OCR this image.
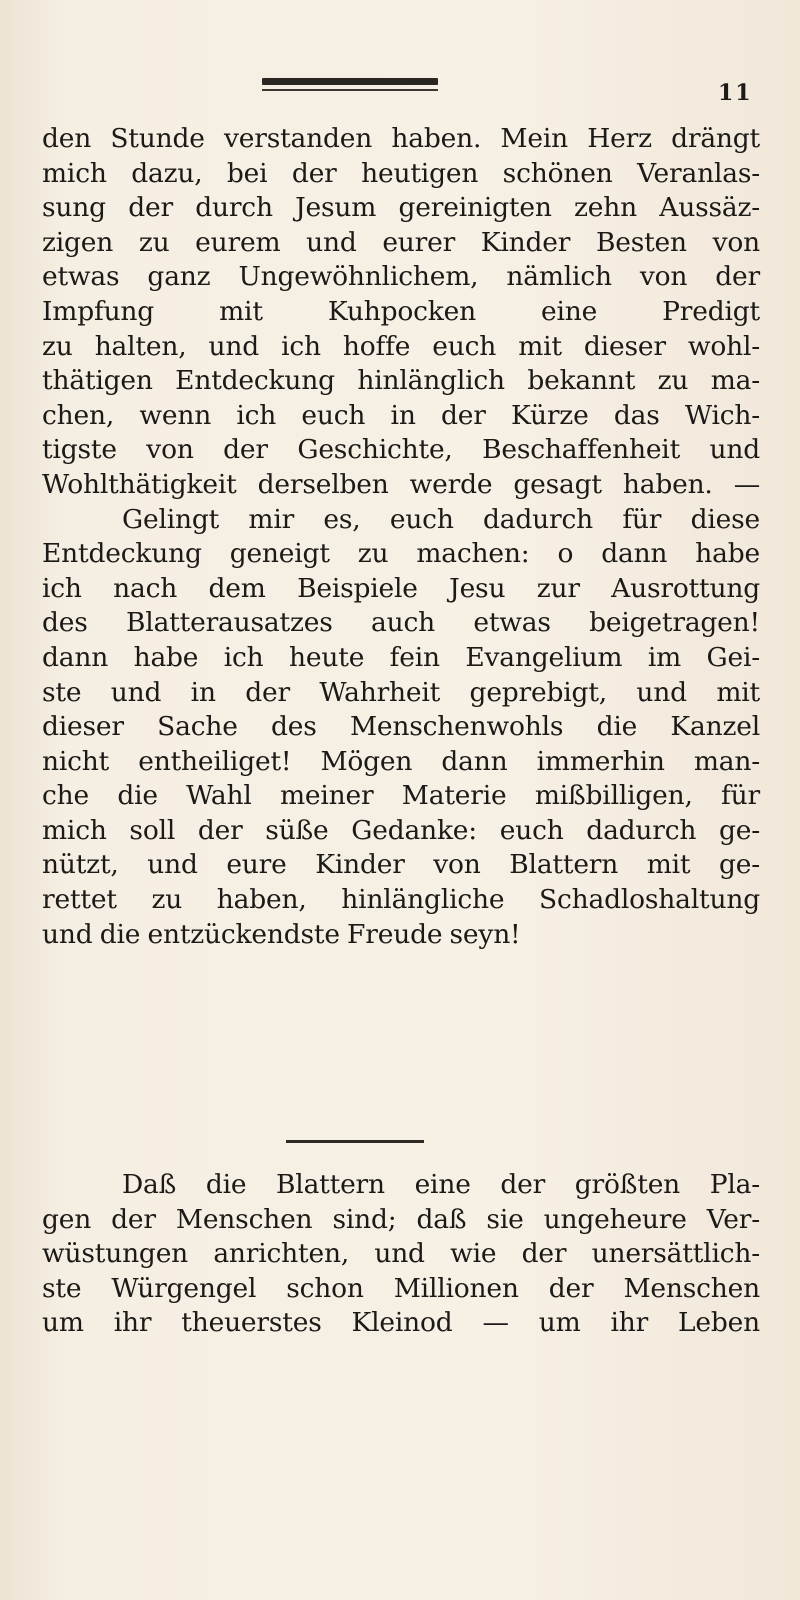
11
den Stunde verstanden haben. Mein Herz drängt
mich dazu, bei der heutigen schönen Veranlas-
sung der durch Jesum gereinigten zehn Aussäz-
zigen zu eurem und eurer Kinder Besten von
etwas ganz Ungewöhnlichem, nämlich von der
Impfung mit Kuhpocken eine Predigt
zu halten, und ich hoffe euch mit dieser wohl-
thätigen Entdeckung hinlänglich bekannt zu ma-
chen, wenn ich euch in der Kürze das Wich-
tigste von der Geschichte, Beschaffenheit und
Wohlthätigkeit derselben werde gesagt haben. —
Gelingt mir es, euch dadurch für diese
Entdeckung geneigt zu machen: o dann habe
ich nach dem Beispiele Jesu zur Ausrottung
des Blatterausatzes auch etwas beigetragen!
dann habe ich heute fein Evangelium im Gei-
ste und in der Wahrheit geprebigt, und mit
dieser Sache des Menschenwohls die Kanzel
nicht entheiliget! Mögen dann immerhin man-
che die Wahl meiner Materie mißbilligen, für
mich soll der süße Gedanke: euch dadurch ge-
nützt, und eure Kinder von Blattern mit ge-
rettet zu haben, hinlängliche Schadloshaltung
und die entzückendste Freude seyn!
Daß die Blattern eine der größten Pla-
gen der Menschen sind; daß sie ungeheure Ver-
wüstungen anrichten, und wie der unersättlich-
ste Würgengel schon Millionen der Menschen
um ihr theuerstes Kleinod — um ihr Leben
